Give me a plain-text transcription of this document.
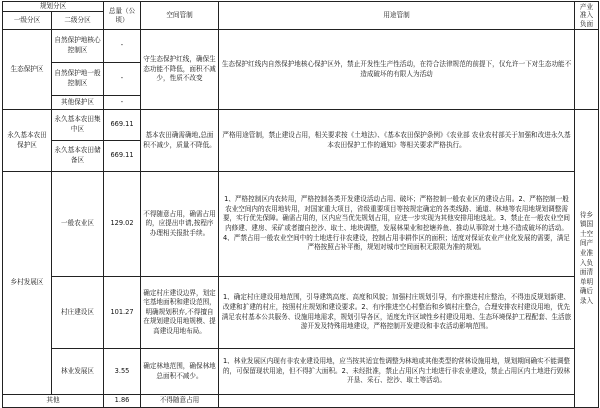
规划分区		总量（公顷）	空间管制	用途管制	产业准入负面
一级分区	二级分区				
生态保护区	自然保护地核心控制区	-	守生态保护红线，确保生态功能不降低，面积不减少，性质不改变	生态保护红线内自然保护地核心保护区外，禁止开发性生产性活动，在符合法律规范的前提下，仅允许一下对生态功能不造成破坏的有限人为活动	
	自然保护地一般控制区	-			
	其他保护区	-			
永久基本农田保护区	永久基本农田集中区	669.11	基本农田确需确地,总面积不减少，质量不降低。	严格用途管制，禁止建设占用，相关要求按《土地法》、《基本农田保护条例》《农业部 农业农村部关于加强和改进永久基本农田保护工作的通知》等相关要求严格执行。	待乡镇国土空间产业准入负面清单明确后录入
	永久基本农田储备区	669.11			
乡村发展区	一般农业区	129.02	不得随意占用，确需占用的，应提出申请,按程序办理相关报批手续。	1、严格控制区内农转用，严格控制各类开发建设活动占用、破坏；严格控制一般农业区的建设占用。2、严格控制一般农业空间内的农用地转用，对国家重大项目，省级重要项目等按规定确定的各类线路、通道、林地等农用地规划调整需要，实行优先保障。确需占用的，区内应当优先规划占用，应进一步实现为其他安排用地选址。3、禁止在一般农业空间内修建、建房、采矿或者擅自挖沙、取土、地块调整，发展林果业和挖塘养鱼、推动从事除对土地不造成破坏的活动。4、严禁占用一般农业空间中的土地进行非农建设，控制占用非耕作区的面积；适度对保证农业产业化发展的需要，满足严格按照占补平衡，规划对城市空间面积无限限为准的规划。	
	村庄建设区	101.27	确定村庄建设边界，划定宅基地面积和建设范围，明确规划积弃,不得擅自在规划建设用地规模、提高建设用地布局。	1、确定村庄建设用地范围，引导建筑高度、高度和风貌；加强村庄规划引导，有序推进村庄整治，不得违反规划新建、改建和扩建的村庄，按照村庄规划和建设要求。2、有序推进空心村整治和乡镇村庄整合，合理安排农村建设用地，优先满足农村基本公共服务、设施用地需求，规划引导各区，适度允许区域性乡村建设用地、生态环境保护工程配套、生活旅游开发及特殊用地建设，严格控制开发建设和非农活动影响范围。	
	林业发展区	3.55	确定林地范围，确保林地总面积不减少。	1、林业发展区内现有非农业建设用地，应当按其适宜性调整为林地或其他类型的营林设施用地，规划期间确实不能调整的，可保留现状用途，但不得扩大面积。2、未经批准，禁止占用区内土地进行非农业建设，禁止占用区内土地进行毁林开垦、采石、挖沙、取土等活动。	
其他		1.86	不得随意占用		
